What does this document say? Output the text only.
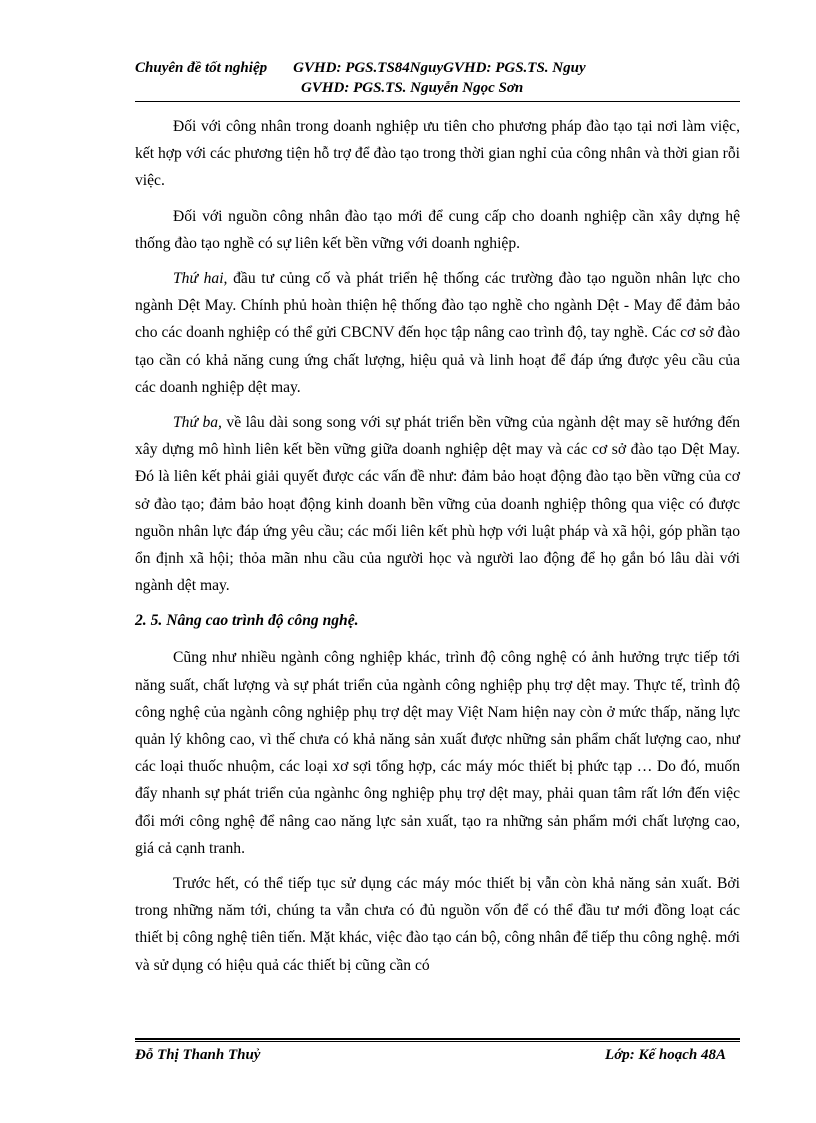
Chuyên đề tốt nghiệp GVHD: PGS.TS84NguyGVHD: PGS.TS. Nguy
GVHD: PGS.TS. Nguyễn Ngọc Sơn

Đối với công nhân trong doanh nghiệp ưu tiên cho phương pháp đào tạo tại nơi làm việc, kết hợp với các phương tiện hỗ trợ để đào tạo trong thời gian nghỉ của công nhân và thời gian rỗi việc.

Đối với nguồn công nhân đào tạo mới để cung cấp cho doanh nghiệp cần xây dựng hệ thống đào tạo nghề có sự liên kết bền vững với doanh nghiệp.

Thứ hai, đầu tư củng cố và phát triển hệ thống các trường đào tạo nguồn nhân lực cho ngành Dệt May. Chính phủ hoàn thiện hệ thống đào tạo nghề cho ngành Dệt - May để đảm bảo cho các doanh nghiệp có thể gửi CBCNV đến học tập nâng cao trình độ, tay nghề. Các cơ sở đào tạo cần có khả năng cung ứng chất lượng, hiệu quả và linh hoạt để đáp ứng được yêu cầu của các doanh nghiệp dệt may.

Thứ ba, về lâu dài song song với sự phát triển bền vững của ngành dệt may sẽ hướng đến xây dựng mô hình liên kết bền vững giữa doanh nghiệp dệt may và các cơ sở đào tạo Dệt May. Đó là liên kết phải giải quyết được các vấn đề như: đảm bảo hoạt động đào tạo bền vững của cơ sở đào tạo; đảm bảo hoạt động kinh doanh bền vững của doanh nghiệp thông qua việc có được nguồn nhân lực đáp ứng yêu cầu; các mối liên kết phù hợp với luật pháp và xã hội, góp phần tạo ổn định xã hội; thỏa mãn nhu cầu của người học và người lao động để họ gắn bó lâu dài với ngành dệt may.

2. 5. Nâng cao trình độ công nghệ.

Cũng như nhiều ngành công nghiệp khác, trình độ công nghệ có ảnh hưởng trực tiếp tới năng suất, chất lượng và sự phát triển của ngành công nghiệp phụ trợ dệt may. Thực tế, trình độ công nghệ của ngành công nghiệp phụ trợ dệt may Việt Nam hiện nay còn ở mức thấp, năng lực quản lý không cao, vì thế chưa có khả năng sản xuất được những sản phẩm chất lượng cao, như các loại thuốc nhuộm, các loại xơ sợi tổng hợp, các máy móc thiết bị phức tạp … Do đó, muốn đẩy nhanh sự phát triển của ngànhc ông nghiệp phụ trợ dệt may, phải quan tâm rất lớn đến việc đổi mới công nghệ để nâng cao năng lực sản xuất, tạo ra những sản phẩm mới chất lượng cao, giá cả cạnh tranh.

Trước hết, có thể tiếp tục sử dụng các máy móc thiết bị vẫn còn khả năng sản xuất. Bởi trong những năm tới, chúng ta vẫn chưa có đủ nguồn vốn để có thể đầu tư mới đồng loạt các thiết bị công nghệ tiên tiến. Mặt khác, việc đào tạo cán bộ, công nhân để tiếp thu công nghệ. mới và sử dụng có hiệu quả các thiết bị cũng cần có

Đỗ Thị Thanh Thuỷ	Lớp: Kế hoạch 48A
